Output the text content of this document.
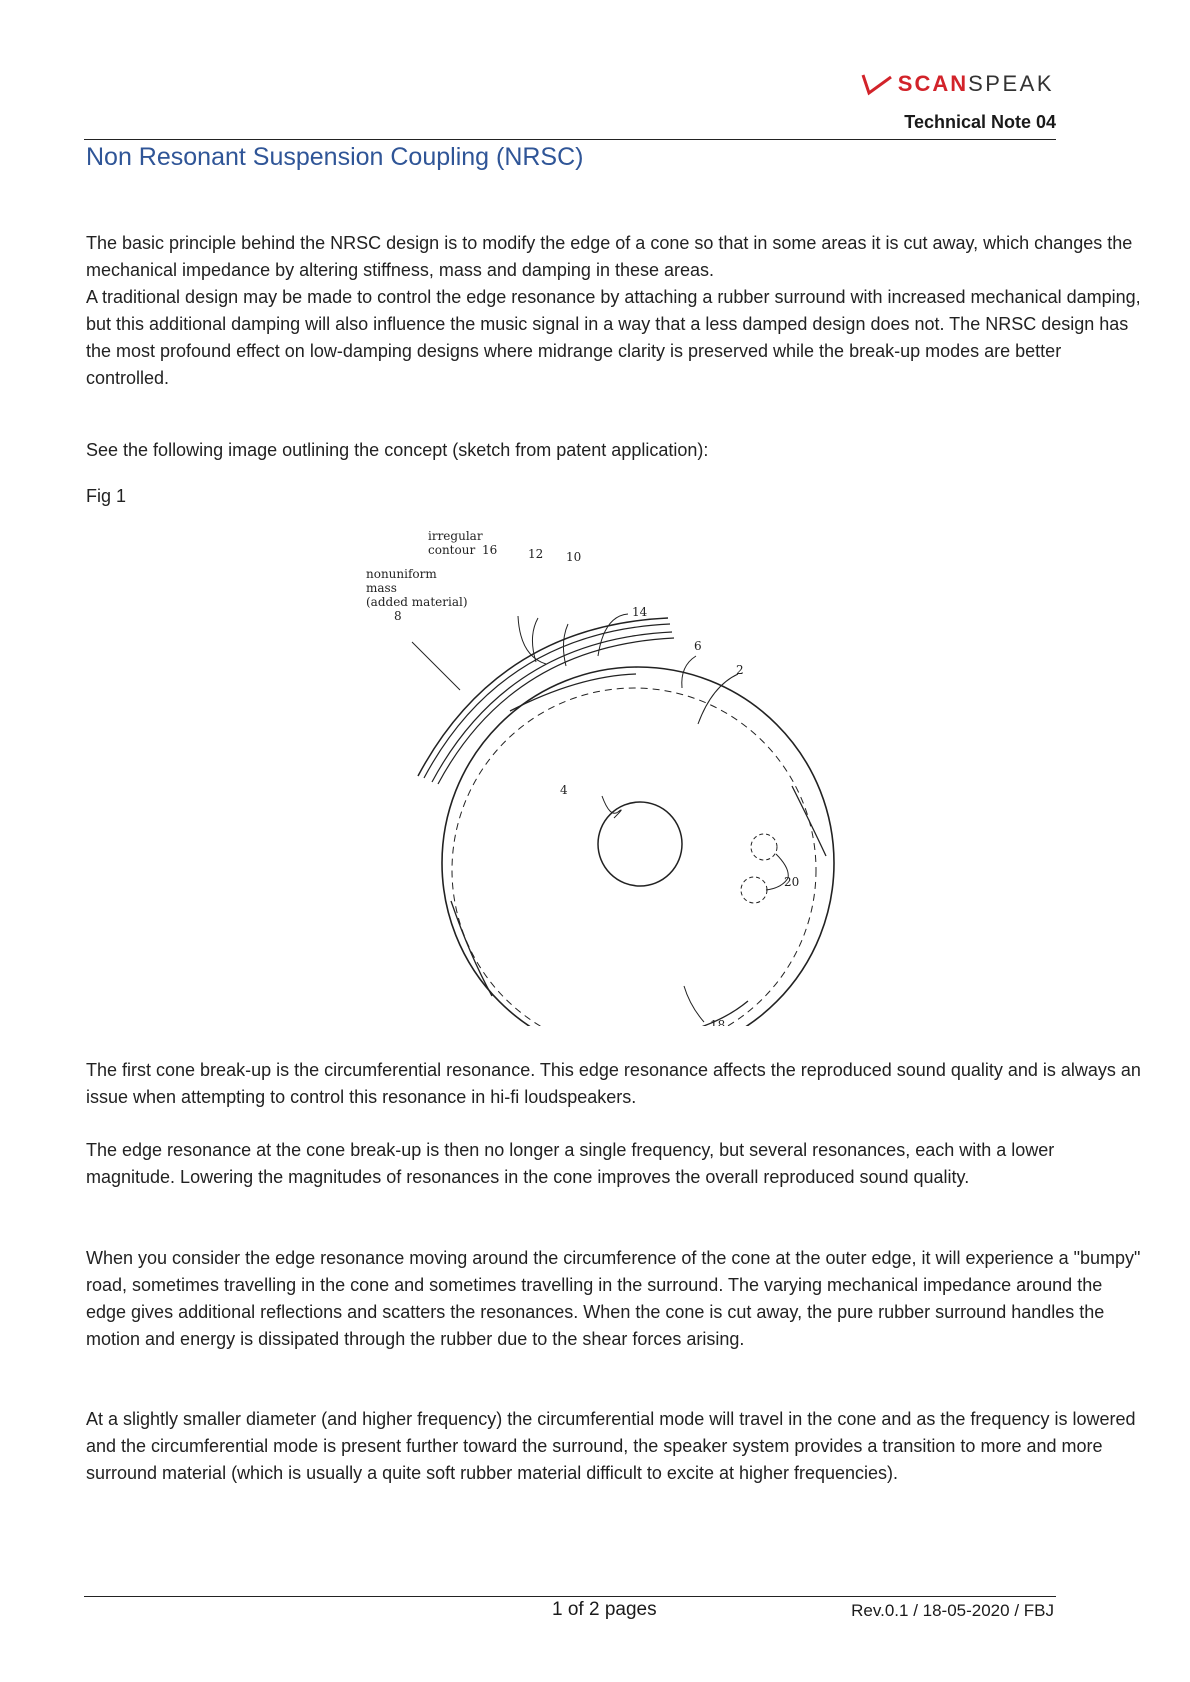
SCANSPEAK
Technical Note 04
Non Resonant Suspension Coupling (NRSC)

The basic principle behind the NRSC design is to modify the edge of a cone so that in some areas it is cut away, which changes the mechanical impedance by altering stiffness, mass and damping in these areas.

A traditional design may be made to control the edge resonance by attaching a rubber surround with increased mechanical damping, but this additional damping will also influence the music signal in a way that a less damped design does not. The NRSC design has the most profound effect on low-damping designs where midrange clarity is preserved while the break-up modes are better controlled.

See the following image outlining the concept (sketch from patent application):
Fig 1
irregular
contour 16	12 10
nonuniform
mass
(added material)
8	14
6
2
4
20
18
The first cone break-up is the circumferential resonance. This edge resonance affects the reproduced sound quality and is always an issue when attempting to control this resonance in hi-fi loudspeakers.
The edge resonance at the cone break-up is then no longer a single frequency, but several resonances, each with a lower magnitude. Lowering the magnitudes of resonances in the cone improves the overall reproduced sound quality.
When you consider the edge resonance moving around the circumference of the cone at the outer edge, it will experience a "bumpy" road, sometimes travelling in the cone and sometimes travelling in the surround. The varying mechanical impedance around the edge gives additional reflections and scatters the resonances. When the cone is cut away, the pure rubber surround handles the motion and energy is dissipated through the rubber due to the shear forces arising.
At a slightly smaller diameter (and higher frequency) the circumferential mode will travel in the cone and as the frequency is lowered and the circumferential mode is present further toward the surround, the speaker system provides a transition to more and more surround material (which is usually a quite soft rubber material difficult to excite at higher frequencies).
1 of 2 pages	Rev.0.1 / 18-05-2020 / FBJ
